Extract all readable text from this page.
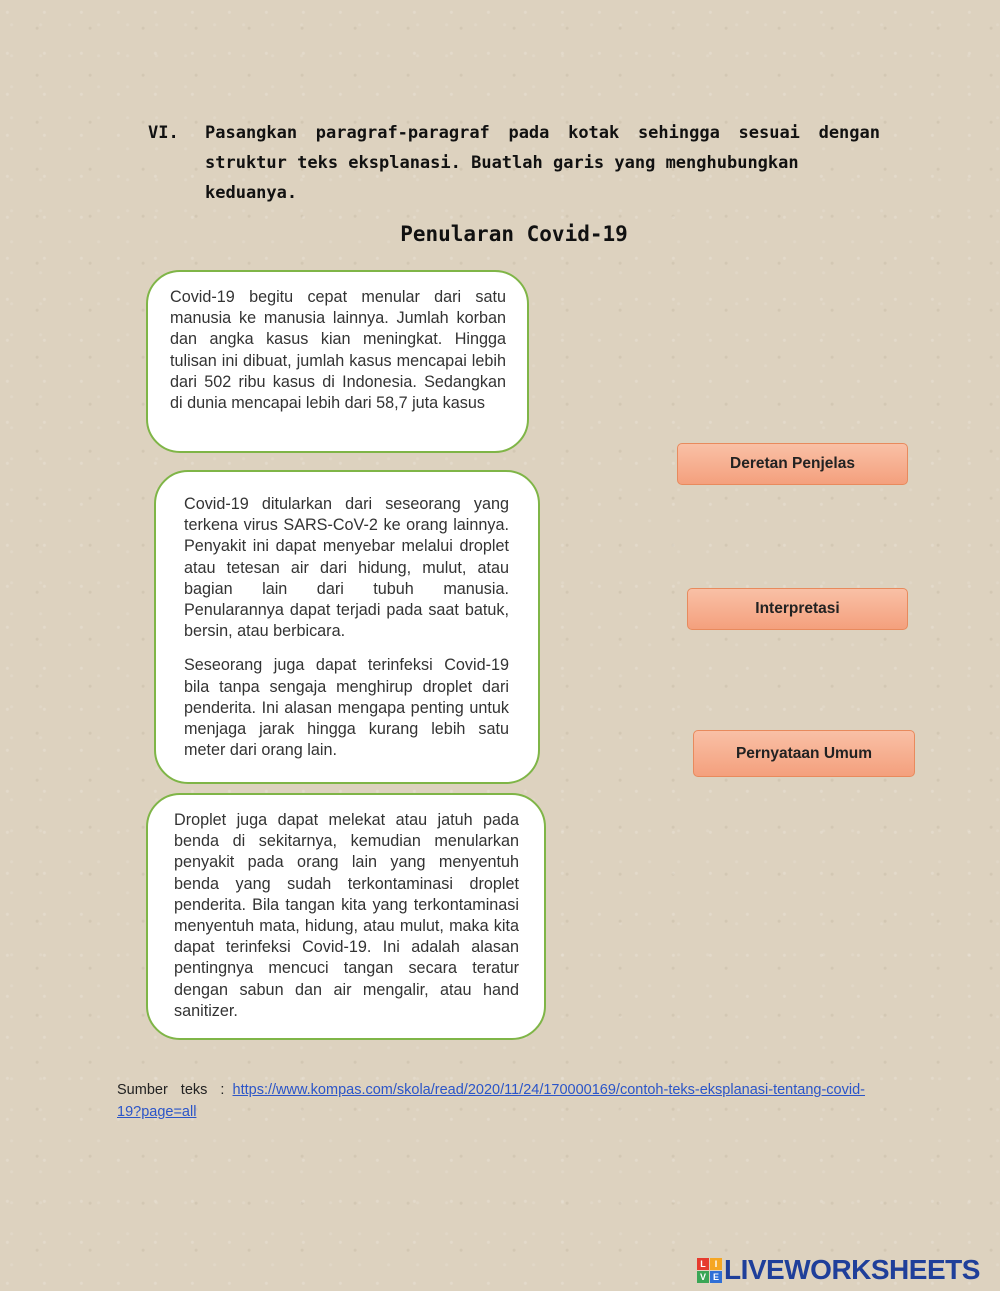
VI. Pasangkan paragraf-paragraf pada kotak sehingga sesuai dengan
struktur teks eksplanasi. Buatlah garis yang menghubungkan keduanya.
Penularan Covid-19

Covid-19 begitu cepat menular dari satu manusia ke manusia lainnya. Jumlah korban dan angka kasus kian meningkat. Hingga tulisan ini dibuat, jumlah kasus mencapai lebih dari 502 ribu kasus di Indonesia. Sedangkan di dunia mencapai lebih dari 58,7 juta kasus

Covid-19 ditularkan dari seseorang yang terkena virus SARS-CoV-2 ke orang lainnya. Penyakit ini dapat menyebar melalui droplet atau tetesan air dari hidung, mulut, atau bagian lain dari tubuh manusia. Penularannya dapat terjadi pada saat batuk, bersin, atau berbicara.

Seseorang juga dapat terinfeksi Covid-19 bila tanpa sengaja menghirup droplet dari penderita. Ini alasan mengapa penting untuk menjaga jarak hingga kurang lebih satu meter dari orang lain.

Droplet juga dapat melekat atau jatuh pada benda di sekitarnya, kemudian menularkan penyakit pada orang lain yang menyentuh benda yang sudah terkontaminasi droplet penderita. Bila tangan kita yang terkontaminasi menyentuh mata, hidung, atau mulut, maka kita dapat terinfeksi Covid-19. Ini adalah alasan pentingnya mencuci tangan secara teratur dengan sabun dan air mengalir, atau hand sanitizer.

Deretan Penjelas
Interpretasi
Pernyataan Umum
Sumber teks : https://www.kompas.com/skola/read/2020/11/24/170000169/contoh-teks-eksplanasi-tentang-covid-19?page=all
L I
V E LIVEWORKSHEETS
